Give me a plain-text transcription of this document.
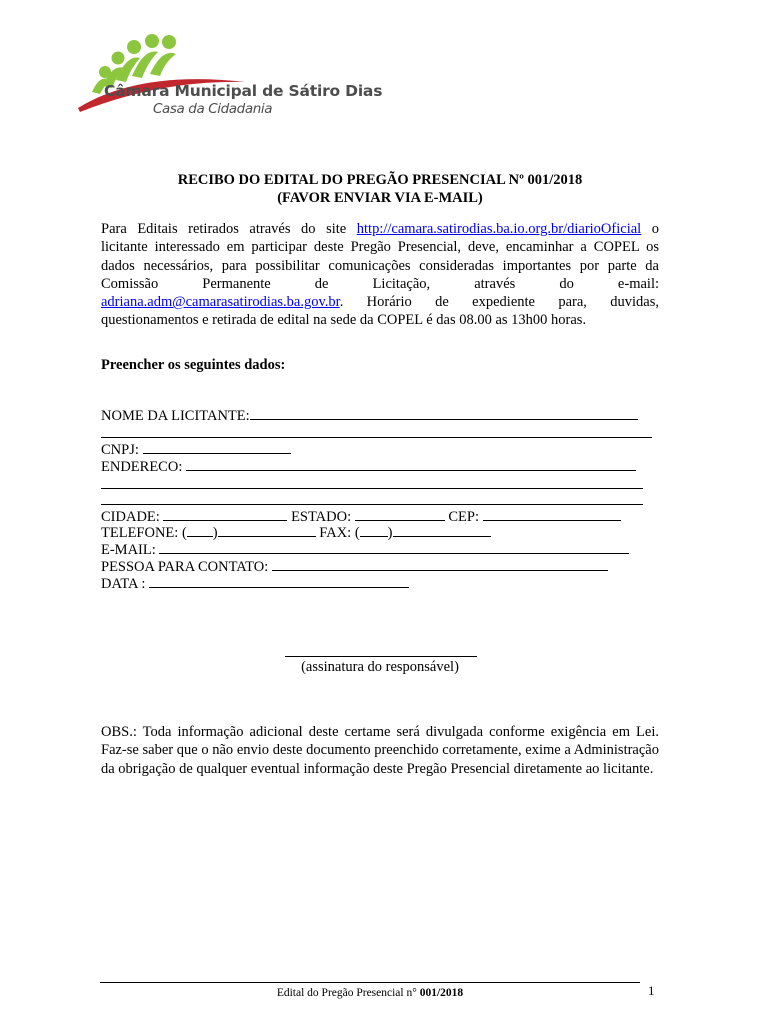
Câmara Municipal de Sátiro Dias
Casa da Cidadania
RECIBO DO EDITAL DO PREGÃO PRESENCIAL Nº 001/2018
(FAVOR ENVIAR VIA E-MAIL)
Para Editais retirados através do site http://camara.satirodias.ba.io.org.br/diarioOficial o licitante interessado em participar deste Pregão Presencial, deve, encaminhar a COPEL os dados necessários, para possibilitar comunicações consideradas importantes por parte da Comissão Permanente de Licitação, através do e-mail: adriana.adm@camarasatirodias.ba.gov.br. Horário de expediente para, duvidas, questionamentos e retirada de edital na sede da COPEL é das 08.00 as 13h00 horas.
Preencher os seguintes dados:
NOME DA LICITANTE:
CNPJ:
ENDERECO:
CIDADE:	ESTADO:	CEP:
TELEFONE: ( )	FAX: ( )
E-MAIL:
PESSOA PARA CONTATO:
DATA :
(assinatura do responsável)
OBS.: Toda informação adicional deste certame será divulgada conforme exigência em Lei. Faz-se saber que o não envio deste documento preenchido corretamente, exime a Administração da obrigação de qualquer eventual informação deste Pregão Presencial diretamente ao licitante.
Edital do Pregão Presencial n° 001/2018	1
